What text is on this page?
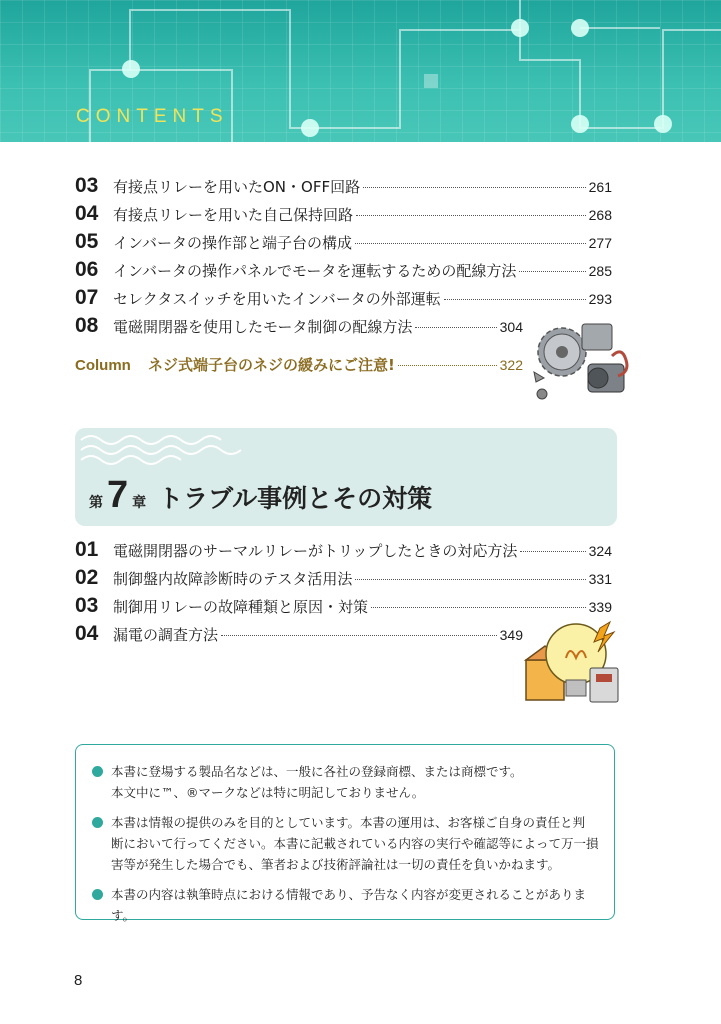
CONTENTS
03 有接点リレーを用いたON・OFF回路	261
04 有接点リレーを用いた自己保持回路	268
05 インバータの操作部と端子台の構成	277
06 インバータの操作パネルでモータを運転するための配線方法	285
07 セレクタスイッチを用いたインバータの外部運転	293
08 電磁開閉器を使用したモータ制御の配線方法	304
Column	ネジ式端子台のネジの緩みにご注意!	322
第 7 章 トラブル事例とその対策
01 電磁開閉器のサーマルリレーがトリップしたときの対応方法	324
02 制御盤内故障診断時のテスタ活用法	331
03 制御用リレーの故障種類と原因・対策	339
04 漏電の調査方法	349
本書に登場する製品名などは、一般に各社の登録商標、または商標です。
本文中に™、®マークなどは特に明記しておりません。
本書は情報の提供のみを目的としています。本書の運用は、お客様ご自身の責任と判
断において行ってください。本書に記載されている内容の実行や確認等によって万一損
害等が発生した場合でも、筆者および技術評論社は一切の責任を負いかねます。
本書の内容は執筆時点における情報であり、予告なく内容が変更されることがあります。
8
